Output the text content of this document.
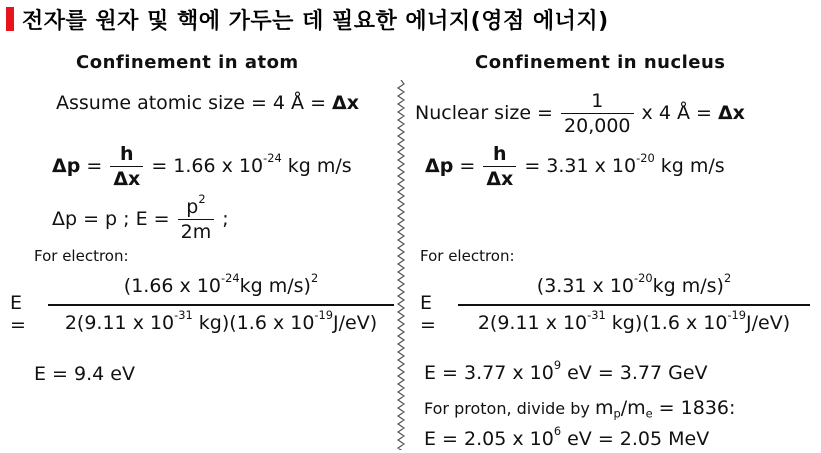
전자를 원자 및 핵에 가두는 데 필요한 에너지(영점 에너지)
Confinement in atom	Confinement in nucleus
Assume atomic size = 4 Å = Δx
$\Delta p = \frac{h}{\Delta x} = 1.66$ x $10^{-24}$ kg m/s
Δp = p ; $E = \frac{p^2}{2m}$ ;
For electron:
E =
(1.66 x $10^{-24}kg$ m/s)$^2$
2(9.11 x $10^{-31}$ kg)(1.6 x $10^{-19}J/eV$)
E = 9.4 eV
Nuclear size = $\frac{1}{20,000}$ x 4 Å = Δx
$\Delta p = \frac{h}{\Delta x} = 3.31$ x $10^{-20}$ kg m/s
For electron:
E =
(3.31 x $10^{-20}kg$ m/s)$^2$
2(9.11 x $10^{-31}$ kg)(1.6 x $10^{-19}J/eV$)
E = 3.77 x $10^9$ eV = 3.77 GeV
For proton, divide by $m_p/m_e = 1836$:
E = 2.05 x $10^6$ eV = 2.05 MeV
